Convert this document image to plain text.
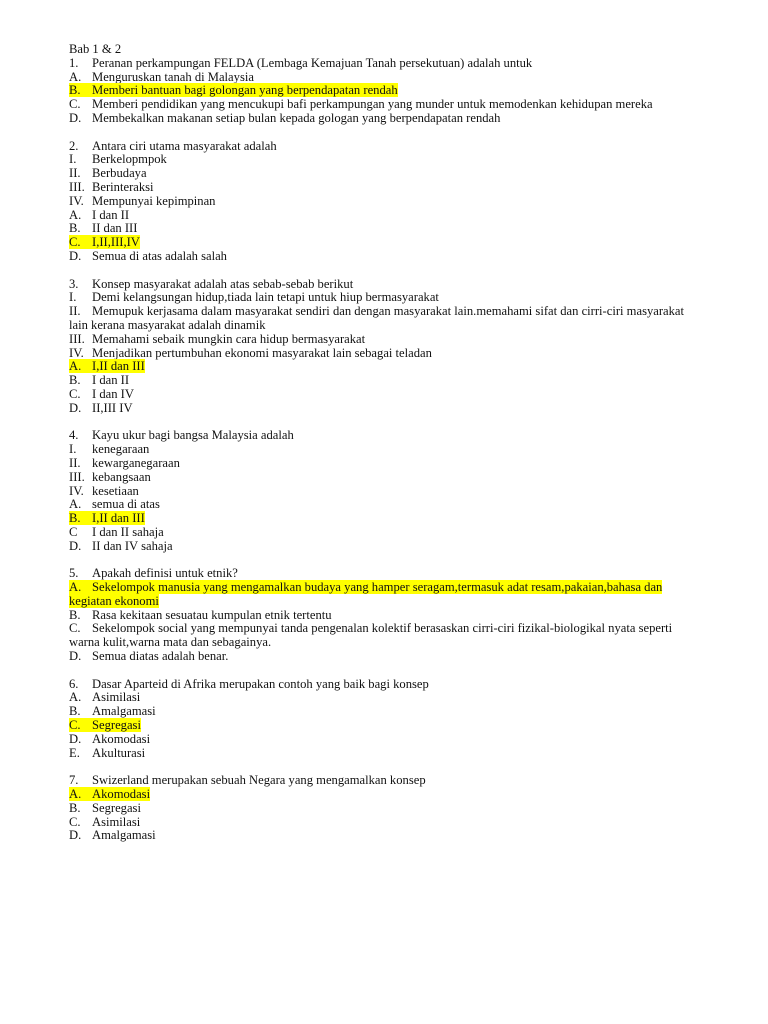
Bab 1 & 2
1. Peranan perkampungan FELDA (Lembaga Kemajuan Tanah persekutuan) adalah untuk
A. Menguruskan tanah di Malaysia
B. Memberi bantuan bagi golongan yang berpendapatan rendah
C. Memberi pendidikan yang mencukupi bafi perkampungan yang munder untuk memodenkan kehidupan mereka
D. Membekalkan makanan setiap bulan kepada gologan yang berpendapatan rendah
2. Antara ciri utama masyarakat adalah
I. Berkelopmpok
II. Berbudaya
III. Berinteraksi
IV. Mempunyai kepimpinan
A. I dan II
B. II dan III
C. I,II,III,IV
D. Semua di atas adalah salah
3. Konsep masyarakat adalah atas sebab-sebab berikut
I. Demi kelangsungan hidup,tiada lain tetapi untuk hiup bermasyarakat
II. Memupuk kerjasama dalam masyarakat sendiri dan dengan masyarakat lain.memahami sifat dan cirri-ciri masyarakat
lain kerana masyarakat adalah dinamik
III. Memahami sebaik mungkin cara hidup bermasyarakat
IV. Menjadikan pertumbuhan ekonomi masyarakat lain sebagai teladan
A. I,II dan III
B. I dan II
C. I dan IV
D. II,III IV
4. Kayu ukur bagi bangsa Malaysia adalah
I. kenegaraan
II. kewarganegaraan
III. kebangsaan
IV. kesetiaan
A. semua di atas
B. I,II dan III
C I dan II sahaja
D. II dan IV sahaja
5. Apakah definisi untuk etnik?
A. Sekelompok manusia yang mengamalkan budaya yang hamper seragam,termasuk adat resam,pakaian,bahasa dan
kegiatan ekonomi
B. Rasa kekitaan sesuatau kumpulan etnik tertentu
C. Sekelompok social yang mempunyai tanda pengenalan kolektif berasaskan cirri-ciri fizikal-biologikal nyata seperti
warna kulit,warna mata dan sebagainya.
D. Semua diatas adalah benar.
6. Dasar Aparteid di Afrika merupakan contoh yang baik bagi konsep
A. Asimilasi
B. Amalgamasi
C. Segregasi
D. Akomodasi
E. Akulturasi
7. Swizerland merupakan sebuah Negara yang mengamalkan konsep
A. Akomodasi
B. Segregasi
C. Asimilasi
D. Amalgamasi
